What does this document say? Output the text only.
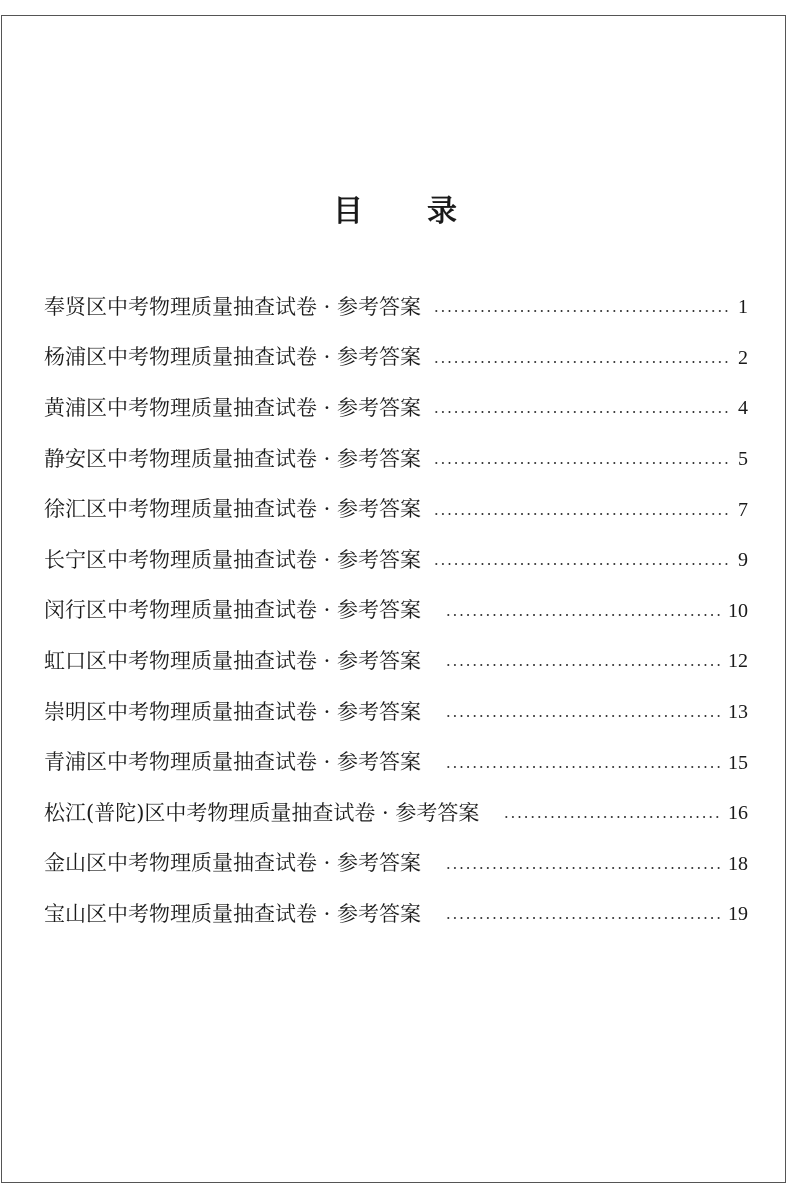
目 录
奉贤区中考物理质量抽查试卷 · 参考答案	1
杨浦区中考物理质量抽查试卷 · 参考答案	2
黄浦区中考物理质量抽查试卷 · 参考答案	4
静安区中考物理质量抽查试卷 · 参考答案	5
徐汇区中考物理质量抽查试卷 · 参考答案	7
长宁区中考物理质量抽查试卷 · 参考答案	9
闵行区中考物理质量抽查试卷 · 参考答案	10
虹口区中考物理质量抽查试卷 · 参考答案	12
崇明区中考物理质量抽查试卷 · 参考答案	13
青浦区中考物理质量抽查试卷 · 参考答案	15
松江(普陀)区中考物理质量抽查试卷 · 参考答案	16
金山区中考物理质量抽查试卷 · 参考答案	18
宝山区中考物理质量抽查试卷 · 参考答案	19
